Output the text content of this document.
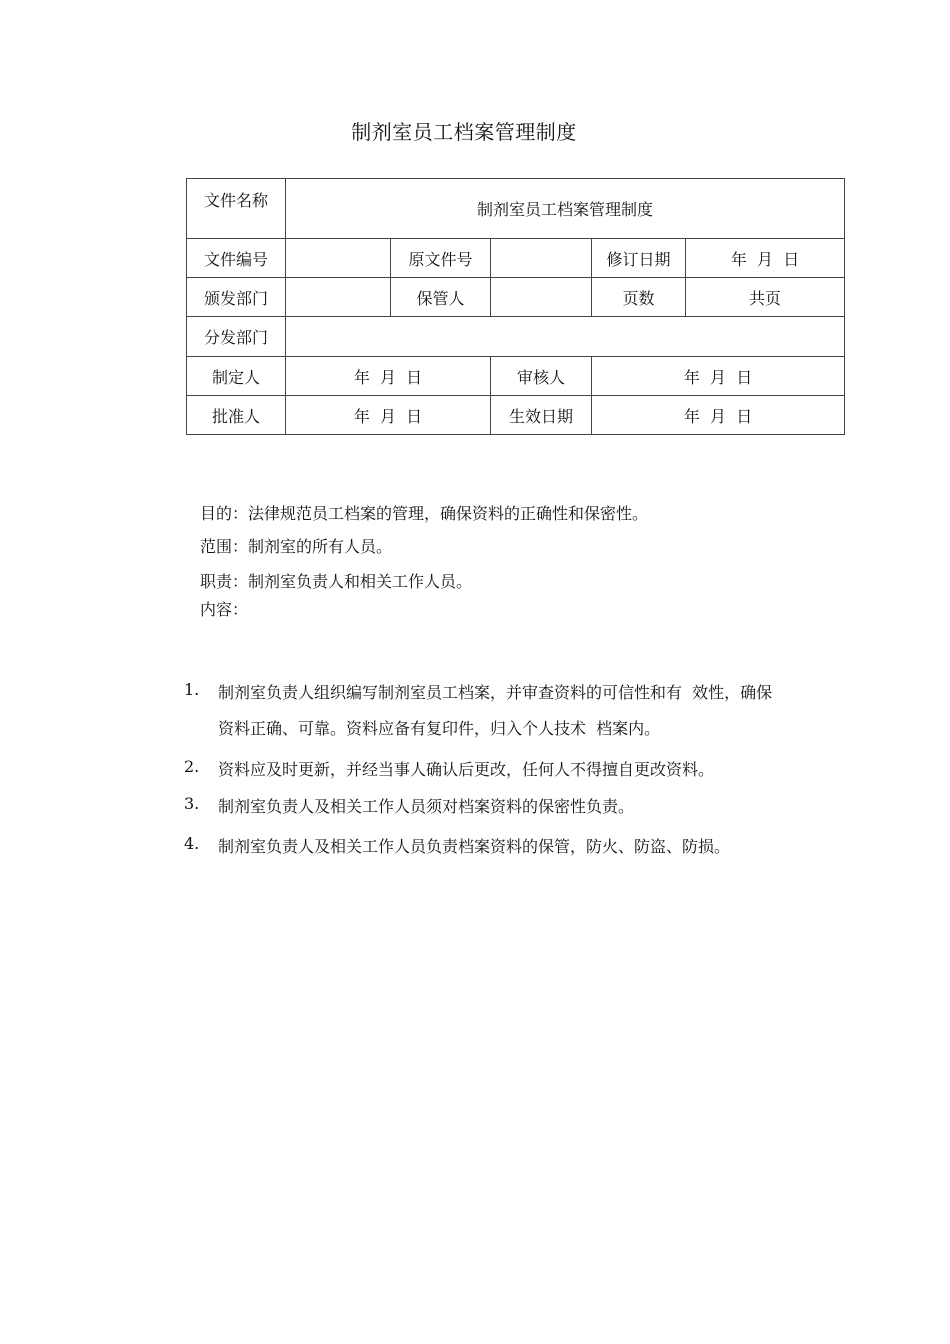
制剂室员工档案管理制度
文件名称	制剂室员工档案管理制度				
文件编号		原文件号		修订日期	年  月  日
颁发部门		保管人		页数	共页
分发部门					
制定人	年  月  日		审核人	年  月  日	
批准人	年  月  日		生效日期	年  月  日	
目的：法律规范员工档案的管理，确保资料的正确性和保密性。
范围：制剂室的所有人员。
职责：制剂室负责人和相关工作人员。
内容：
1. 制剂室负责人组织编写制剂室员工档案，并审查资料的可信性和有  效性，确保
资料正确、可靠。资料应备有复印件，归入个人技术  档案内。
2. 资料应及时更新，并经当事人确认后更改，任何人不得擅自更改资料。
3. 制剂室负责人及相关工作人员须对档案资料的保密性负责。
4. 制剂室负责人及相关工作人员负责档案资料的保管，防火、防盗、防损。
